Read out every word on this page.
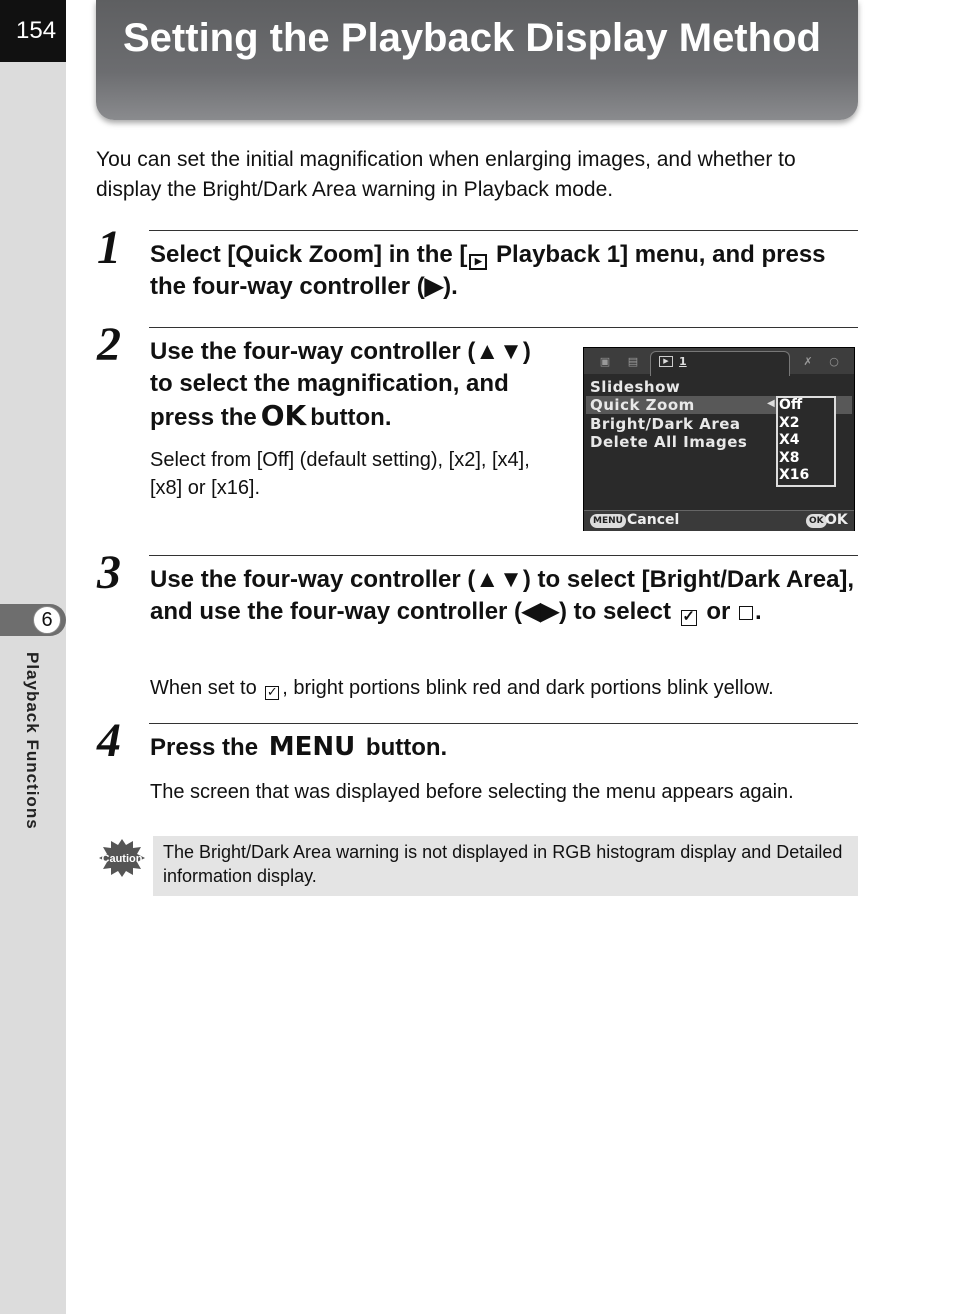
154
6
Playback Functions
Setting the Playback Display Method
You can set the initial magnification when enlarging images, and whether to display the Bright/Dark Area warning in Playback mode.
1 Select [Quick Zoom] in the [ ▶ Playback 1] menu, and press the four-way controller (▶).
2 Use the four-way controller (▲▼) to select the magnification, and press the OK button.
Select from [Off] (default setting), [x2], [x4], [x8] or [x16].
▣	▤	✗	○
▶ 1
Slideshow
Quick Zoom
Bright/Dark Area
Delete All Images
◀ Off
X2
X4
X8
X16
MENU Cancel	OK OK
3 Use the four-way controller (▲▼) to select [Bright/Dark Area], and use the four-way controller (◀▶) to select ✓ or .
When set to ✓ , bright portions blink red and dark portions blink yellow.
4 Press the MENU button.
The screen that was displayed before selecting the menu appears again.
Caution	The Bright/Dark Area warning is not displayed in RGB histogram display and Detailed information display.
